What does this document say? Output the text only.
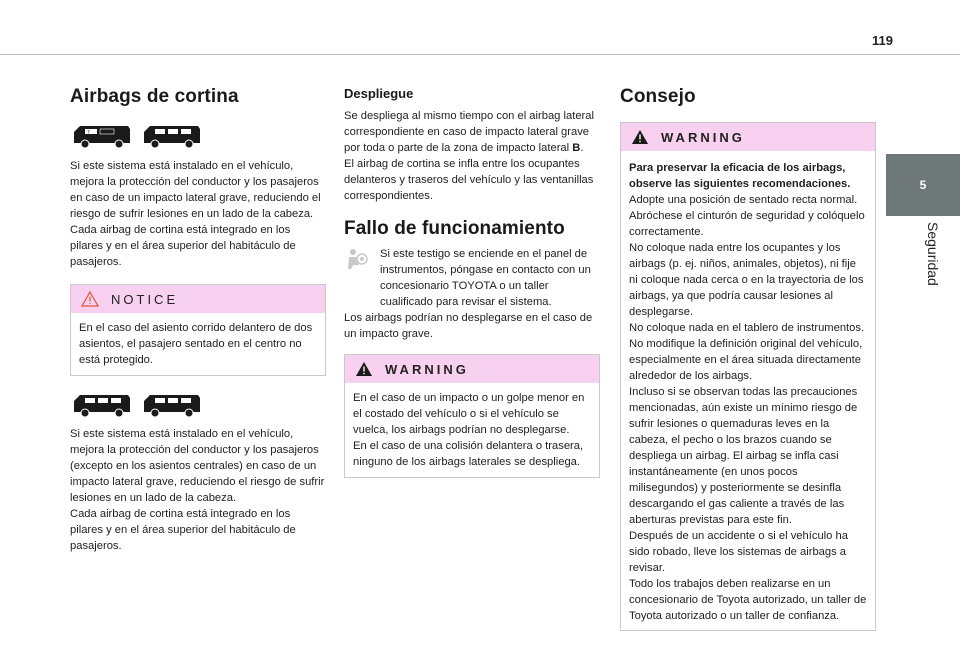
119
5
Seguridad
Airbags de cortina
7

Si este sistema está instalado en el vehículo, mejora la protección del conductor y los pasajeros en caso de un impacto lateral grave, reduciendo el riesgo de sufrir lesiones en un lado de la cabeza.

Cada airbag de cortina está integrado en los pilares y en el área superior del habitáculo de pasajeros.

NOTICE

En el caso del asiento corrido delantero de dos asientos, el pasajero sentado en el centro no está protegido.

Si este sistema está instalado en el vehículo, mejora la protección del conductor y los pasajeros (excepto en los asientos centrales) en caso de un impacto lateral grave, reduciendo el riesgo de sufrir lesiones en un lado de la cabeza.

Cada airbag de cortina está integrado en los pilares y en el área superior del habitáculo de pasajeros.

Despliegue

Se despliega al mismo tiempo con el airbag lateral correspondiente en caso de impacto lateral grave por toda o parte de la zona de impacto lateral B.

El airbag de cortina se infla entre los ocupantes delanteros y traseros del vehículo y las ventanillas correspondientes.

Fallo de funcionamiento

Si este testigo se enciende en el panel de instrumentos, póngase en contacto con un concesionario TOYOTA o un taller cualificado para revisar el sistema.

Los airbags podrían no desplegarse en el caso de un impacto grave.

WARNING

En el caso de un impacto o un golpe menor en el costado del vehículo o si el vehículo se vuelca, los airbags podrían no desplegarse.

En el caso de una colisión delantera o trasera, ninguno de los airbags laterales se despliega.

Consejo
WARNING

Para preservar la eficacia de los airbags, observe las siguientes recomendaciones.

Adopte una posición de sentado recta normal.

Abróchese el cinturón de seguridad y colóquelo correctamente.

No coloque nada entre los ocupantes y los airbags (p. ej. niños, animales, objetos), ni fije ni coloque nada cerca o en la trayectoria de los airbags, ya que podría causar lesiones al desplegarse.

No coloque nada en el tablero de instrumentos.

No modifique la definición original del vehículo, especialmente en el área situada directamente alrededor de los airbags.

Incluso si se observan todas las precauciones mencionadas, aún existe un mínimo riesgo de sufrir lesiones o quemaduras leves en la cabeza, el pecho o los brazos cuando se despliega un airbag. El airbag se infla casi instantáneamente (en unos pocos milisegundos) y posteriormente se desinfla descargando el gas caliente a través de las aberturas previstas para este fin.

Después de un accidente o si el vehículo ha sido robado, lleve los sistemas de airbags a revisar.

Todo los trabajos deben realizarse en un concesionario de Toyota autorizado, un taller de Toyota autorizado o un taller de confianza.
